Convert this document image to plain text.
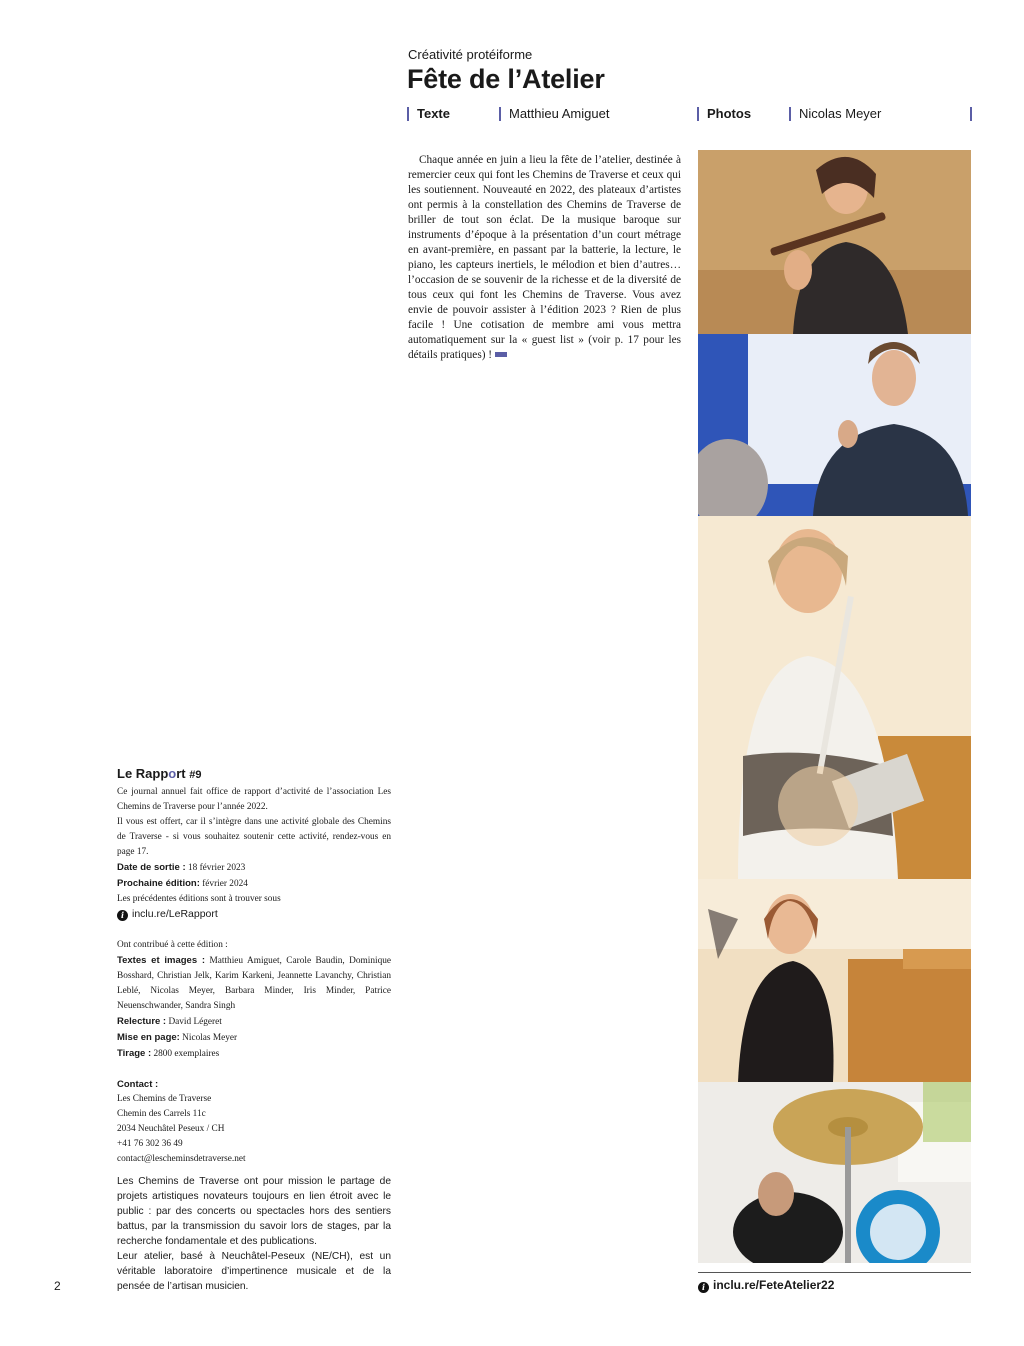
Créativité protéiforme
Fête de l’Atelier
Texte	Matthieu Amiguet	Photos	Nicolas Meyer

Chaque année en juin a lieu la fête de l’atelier, destinée à remercier ceux qui font les Chemins de Traverse et ceux qui les soutiennent. Nouveauté en 2022, des plateaux d’artistes ont permis à la constellation des Chemins de Traverse de briller de tout son éclat. De la musique baroque sur instruments d’époque à la présentation d’un court métrage en avant-première, en passant par la batterie, la lecture, le piano, les capteurs inertiels, le mélodion et bien d’autres… l’occasion de se souvenir de la richesse et de la diversité de tous ceux qui font les Chemins de Traverse. Vous avez envie de pouvoir assister à l’édition 2023 ? Rien de plus facile ! Une cotisation de membre ami vous mettra automatiquement sur la « guest list » (voir p. 17 pour les détails pratiques) !

i inclu.re/FeteAtelier22
Le Rapport #9

Ce journal annuel fait office de rapport d’activité de l’association Les Chemins de Traverse pour l’année 2022.

Il vous est offert, car il s’intègre dans une activité globale des Chemins de Traverse - si vous souhaitez soutenir cette activité, rendez-vous en page 17.

Date de sortie : 18 février 2023

Prochaine édition: février 2024

Les précédentes éditions sont à trouver sous

i inclu.re/LeRapport

Ont contribué à cette édition :

Textes et images : Matthieu Amiguet, Carole Baudin, Dominique Bosshard, Christian Jelk, Karim Karkeni, Jeannette Lavanchy, Christian Leblé, Nicolas Meyer, Barbara Minder, Iris Minder, Patrice Neuenschwander, Sandra Singh

Relecture : David Légeret

Mise en page: Nicolas Meyer

Tirage : 2800 exemplaires

Contact :

Les Chemins de Traverse

Chemin des Carrels 11c

2034 Neuchâtel Peseux / CH

+41 76 302 36 49

contact@lescheminsdetraverse.net

Les Chemins de Traverse ont pour mission le partage de projets artistiques novateurs toujours en lien étroit avec le public : par des concerts ou spectacles hors des sentiers battus, par la transmission du savoir lors de stages, par la recherche fondamentale et des publications.

Leur atelier, basé à Neuchâtel-Peseux (NE/CH), est un véritable laboratoire d’impertinence musicale et de la pensée de l’artisan musicien.

2
